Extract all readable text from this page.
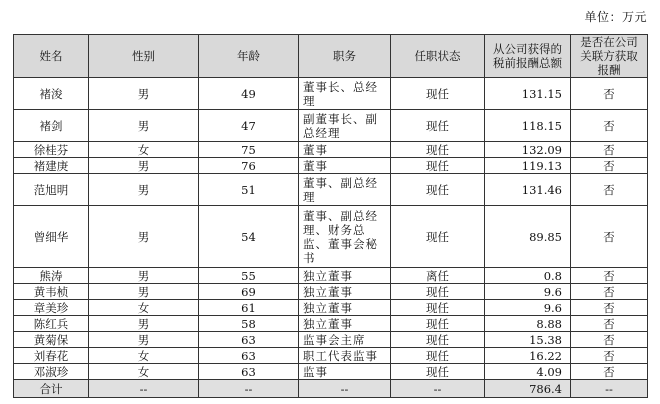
单位：万元
姓名	性别	年龄	职务	任职状态	从公司获得的税前报酬总额	是否在公司关联方获取报酬
褚浚	男	49	董事长、总经理	现任	131.15	否
褚剑	男	47	副董事长、副总经理	现任	118.15	否
徐桂芬	女	75	董事	现任	132.09	否
褚建庚	男	76	董事	现任	119.13	否
范旭明	男	51	董事、副总经理	现任	131.46	否
曾细华	男	54	董事、副总经理、财务总监、董事会秘书	现任	89.85	否
熊涛	男	55	独立董事	离任	0.8	否
黄韦桢	男	69	独立董事	现任	9.6	否
章美珍	女	61	独立董事	现任	9.6	否
陈红兵	男	58	独立董事	现任	8.88	否
黄菊保	男	63	监事会主席	现任	15.38	否
刘春花	女	63	职工代表监事	现任	16.22	否
邓淑珍	女	63	监事	现任	4.09	否
合计	--	--	--	--	786.4	--
